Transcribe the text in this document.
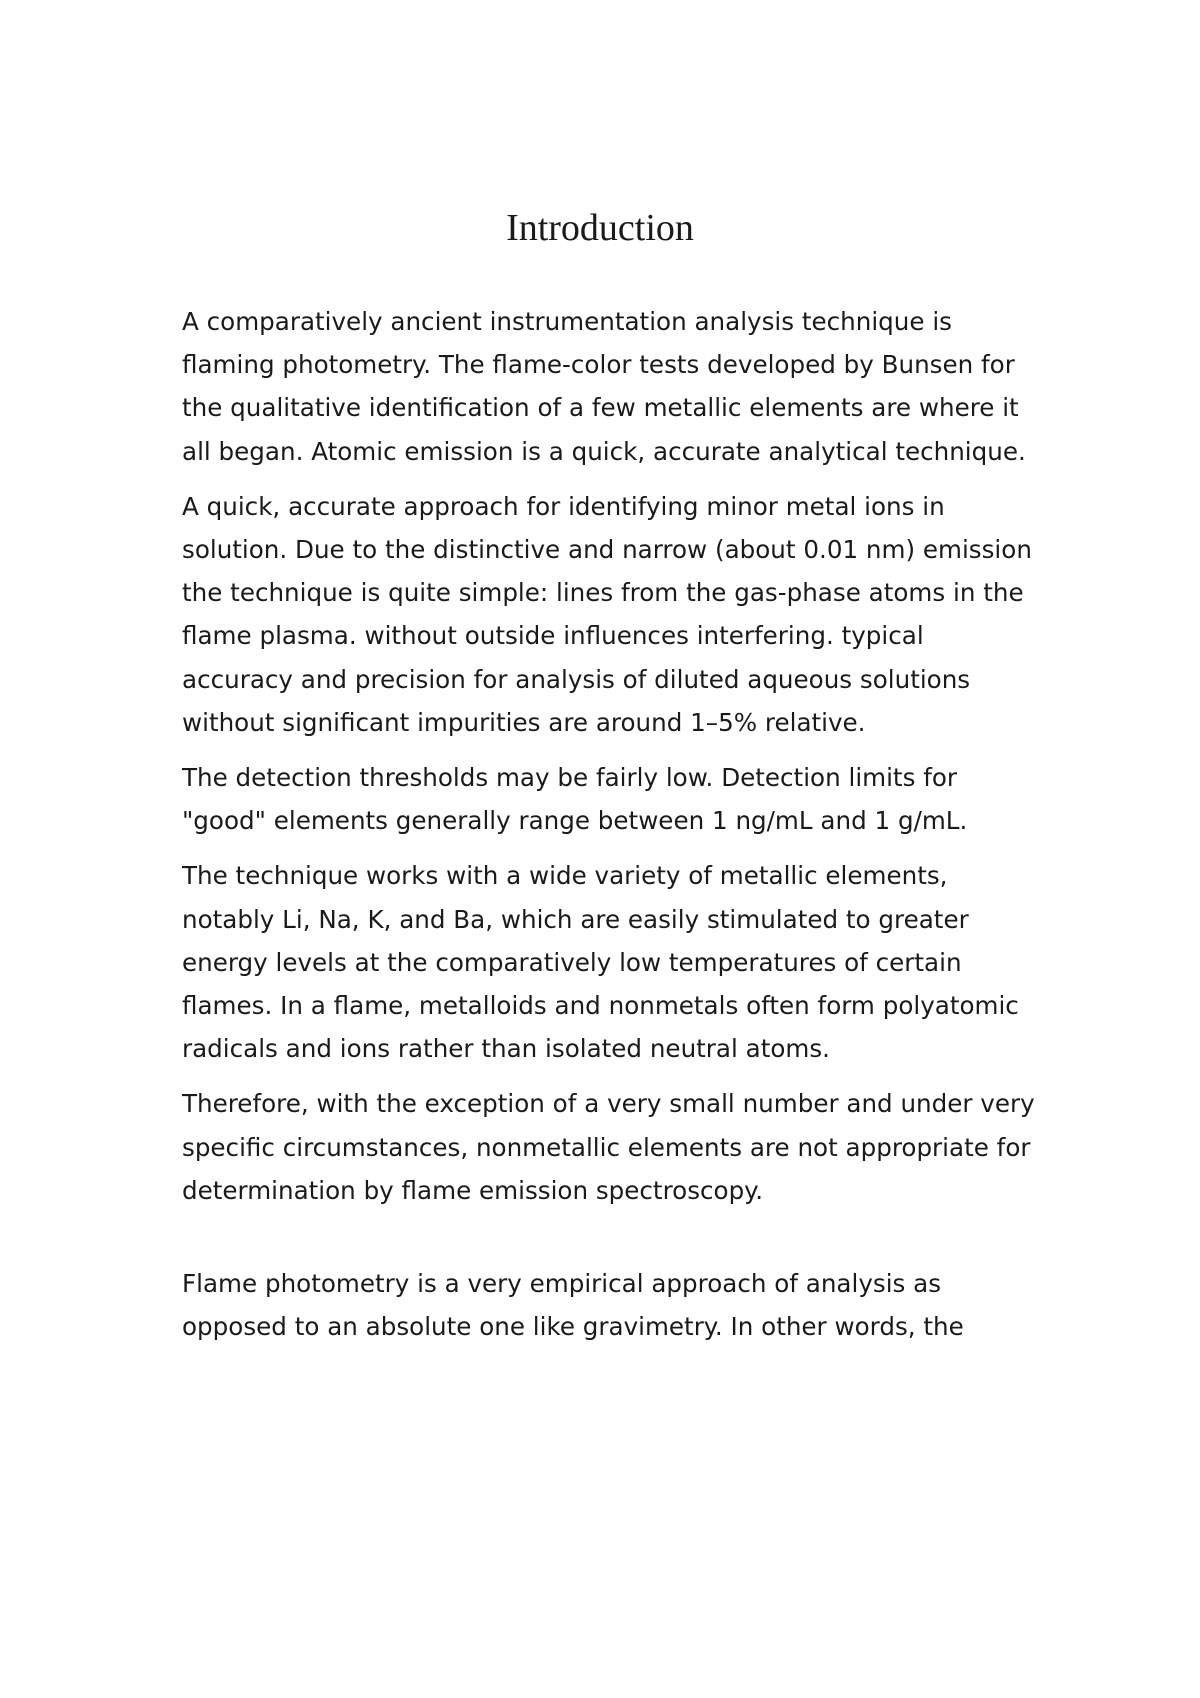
Introduction

A comparatively ancient instrumentation analysis technique is flaming photometry. The flame-color tests developed by Bunsen for the qualitative identification of a few metallic elements are where it all began. Atomic emission is a quick, accurate analytical technique.

A quick, accurate approach for identifying minor metal ions in solution. Due to the distinctive and narrow (about 0.01 nm) emission the technique is quite simple: lines from the gas-phase atoms in the flame plasma. without outside influences interfering. typical accuracy and precision for analysis of diluted aqueous solutions without significant impurities are around 1–5% relative.

The detection thresholds may be fairly low. Detection limits for "good" elements generally range between 1 ng/mL and 1 g/mL.

The technique works with a wide variety of metallic elements, notably Li, Na, K, and Ba, which are easily stimulated to greater energy levels at the comparatively low temperatures of certain flames. In a flame, metalloids and nonmetals often form polyatomic radicals and ions rather than isolated neutral atoms.

Therefore, with the exception of a very small number and under very specific circumstances, nonmetallic elements are not appropriate for determination by flame emission spectroscopy.

Flame photometry is a very empirical approach of analysis as opposed to an absolute one like gravimetry. In other words, the
